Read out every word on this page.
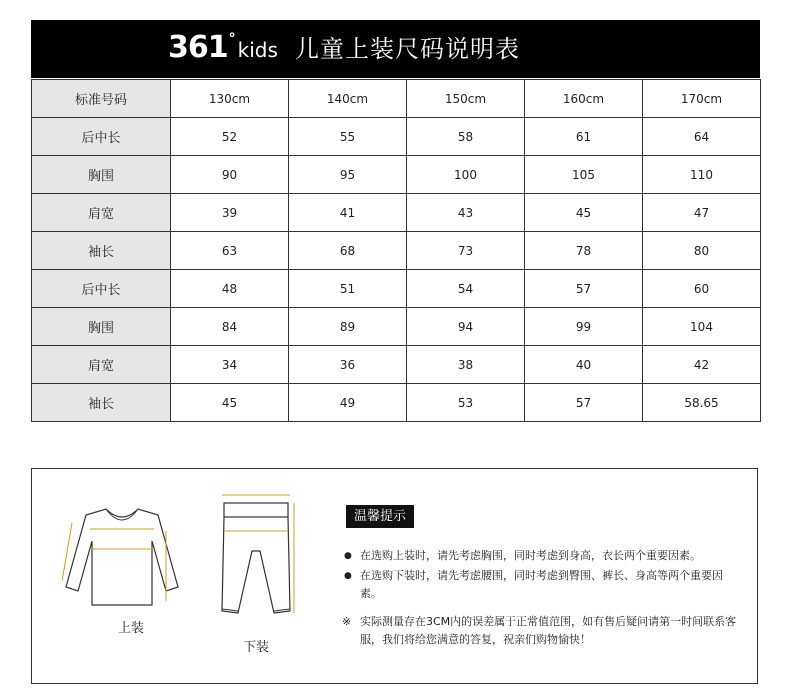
361 ° kids 儿童上装尺码说明表
标准号码	130cm	140cm	150cm	160cm	170cm
后中长	52	55	58	61	64
胸围	90	95	100	105	110
肩宽	39	41	43	45	47
袖长	63	68	73	78	80
后中长	48	51	54	57	60
胸围	84	89	94	99	104
肩宽	34	36	38	40	42
袖长	45	49	53	57	58.65
上装
下装
温馨提示
● 在选购上装时，请先考虑胸围，同时考虑到身高，衣长两个重要因素。
● 在选购下装时，请先考虑腰围，同时考虑到臀围、裤长、身高等两个重要因素。
※ 实际测量存在3CM内的误差属于正常值范围，如有售后疑问请第一时间联系客服，我们将给您满意的答复，祝亲们购物愉快！
